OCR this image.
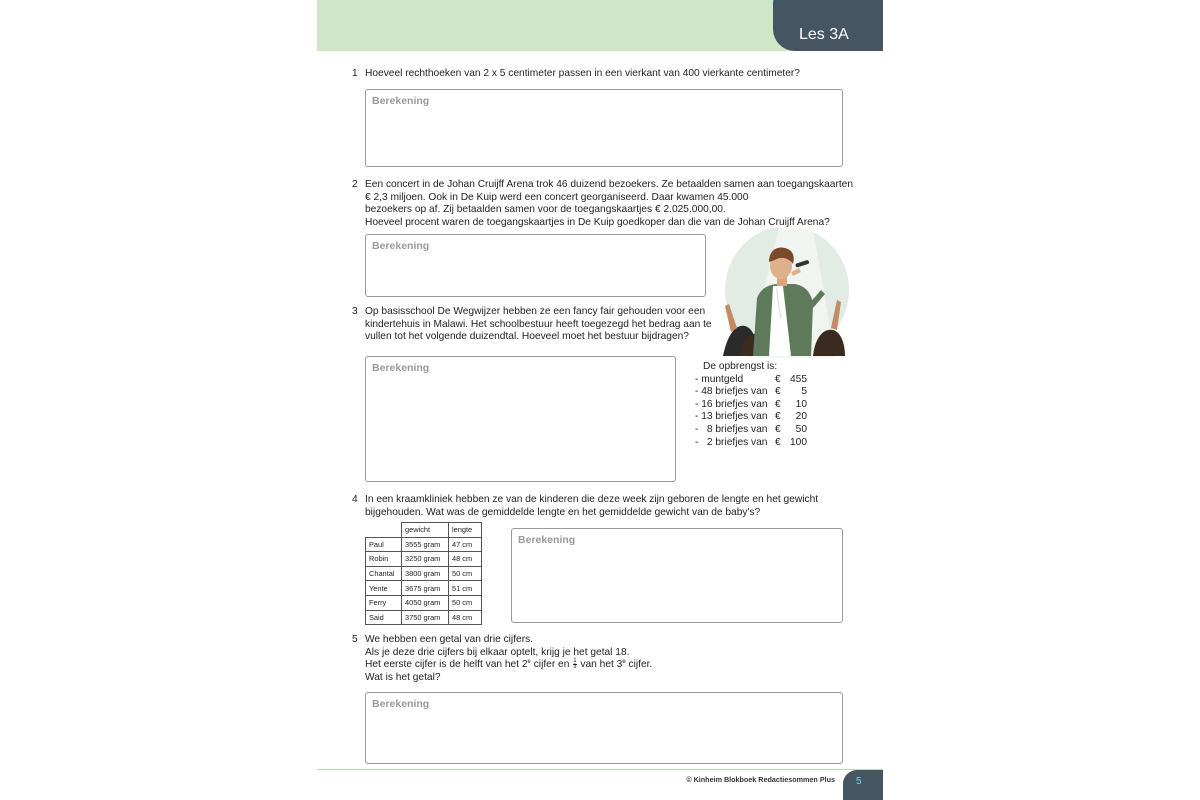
Les 3A
1 Hoeveel rechthoeken van 2 x 5 centimeter passen in een vierkant van 400 vierkante centimeter?
Berekening
2 Een concert in de Johan Cruijff Arena trok 46 duizend bezoekers. Ze betaalden samen aan toegangskaarten
€ 2,3 miljoen. Ook in De Kuip werd een concert georganiseerd. Daar kwamen 45.000
bezoekers op af. Zij betaalden samen voor de toegangskaartjes € 2.025.000,00.
Hoeveel procent waren de toegangskaartjes in De Kuip goedkoper dan die van de Johan Cruijff Arena?
Berekening
3 Op basisschool De Wegwijzer hebben ze een fancy fair gehouden voor een
kindertehuis in Malawi. Het schoolbestuur heeft toegezegd het bedrag aan te
vullen tot het volgende duizendtal. Hoeveel moet het bestuur bijdragen?
Berekening	De opbrengst is:
- muntgeld	€ 455
- 48 briefjes van €	5
- 16 briefjes van €	10
- 13 briefjes van €	20
-   8 briefjes van €	50
-   2 briefjes van € 100
4 In een kraamkliniek hebben ze van de kinderen die deze week zijn geboren de lengte en het gewicht
bijgehouden. Wat was de gemiddelde lengte en het gemiddelde gewicht van de baby's?
	gewicht	lengte
Paul	3555 gram	47 cm
Robin	3250 gram	48 cm
Chantal	3800 gram	50 cm
Yente	3675 gram	51 cm
Ferry	4050 gram	50 cm
Said	3750 gram	48 cm
Berekening
5 We hebben een getal van drie cijfers.
Als je deze drie cijfers bij elkaar optelt, krijg je het getal 18.
Het eerste cijfer is de helft van het 2e cijfer en $\frac{1}{3}$ van het 3e cijfer.
Wat is het getal?
Berekening
© Kinheim Blokboek Redactiesommen Plus 5
